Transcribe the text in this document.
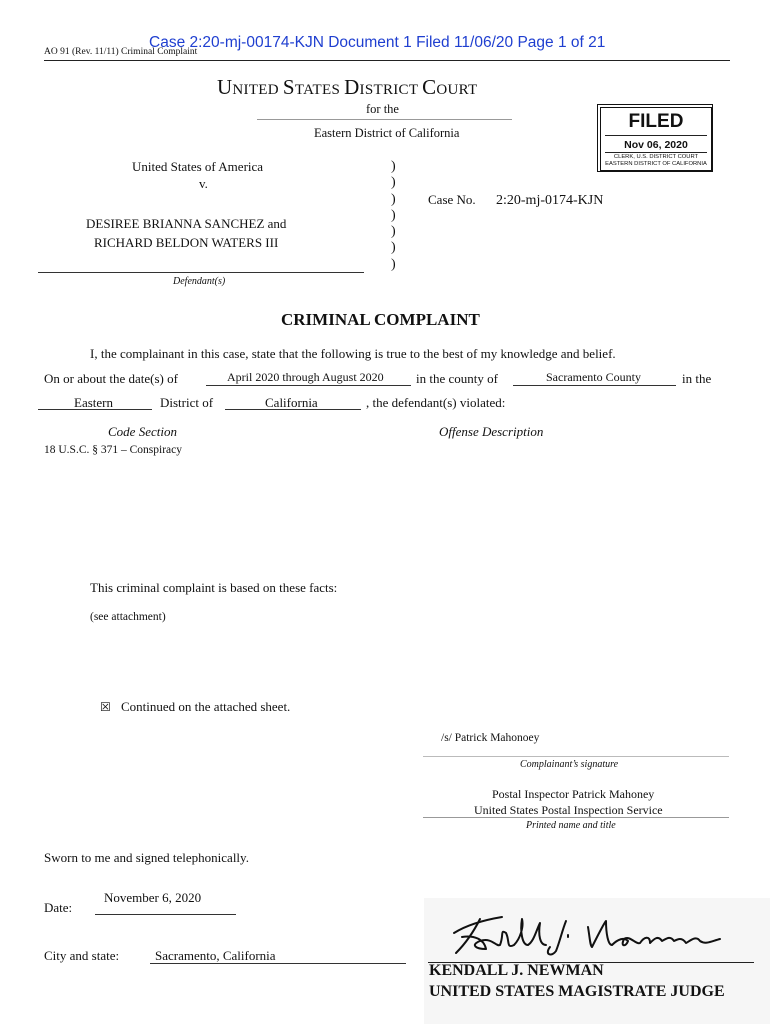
Case 2:20-mj-00174-KJN Document 1 Filed 11/06/20 Page 1 of 21
AO 91 (Rev. 11/11) Criminal Complaint
UNITED STATES DISTRICT COURT
for the
Eastern District of California
FILED
Nov 06, 2020
CLERK, U.S. DISTRICT COURT
EASTERN DISTRICT OF CALIFORNIA
United States of America
v.
DESIREE BRIANNA SANCHEZ and
RICHARD BELDON WATERS III
Defendant(s)
)
)
)
)
)
)
)
Case No. 2:20-mj-0174-KJN
CRIMINAL COMPLAINT
I, the complainant in this case, state that the following is true to the best of my knowledge and belief.
On or about the date(s) of	April 2020 through August 2020 in the county of	Sacramento County	in the
Eastern	District of	California	, the defendant(s) violated:
Code Section	Offense Description
18 U.S.C. § 371 – Conspiracy
This criminal complaint is based on these facts:
(see attachment)
☒ Continued on the attached sheet.
/s/ Patrick Mahonoey
Complainant’s signature
Postal Inspector Patrick Mahoney
United States Postal Inspection Service
Printed name and title
Sworn to me and signed telephonically.
Date:
November 6, 2020
City and state:	Sacramento, California
KENDALL J. NEWMAN
UNITED STATES MAGISTRATE JUDGE
